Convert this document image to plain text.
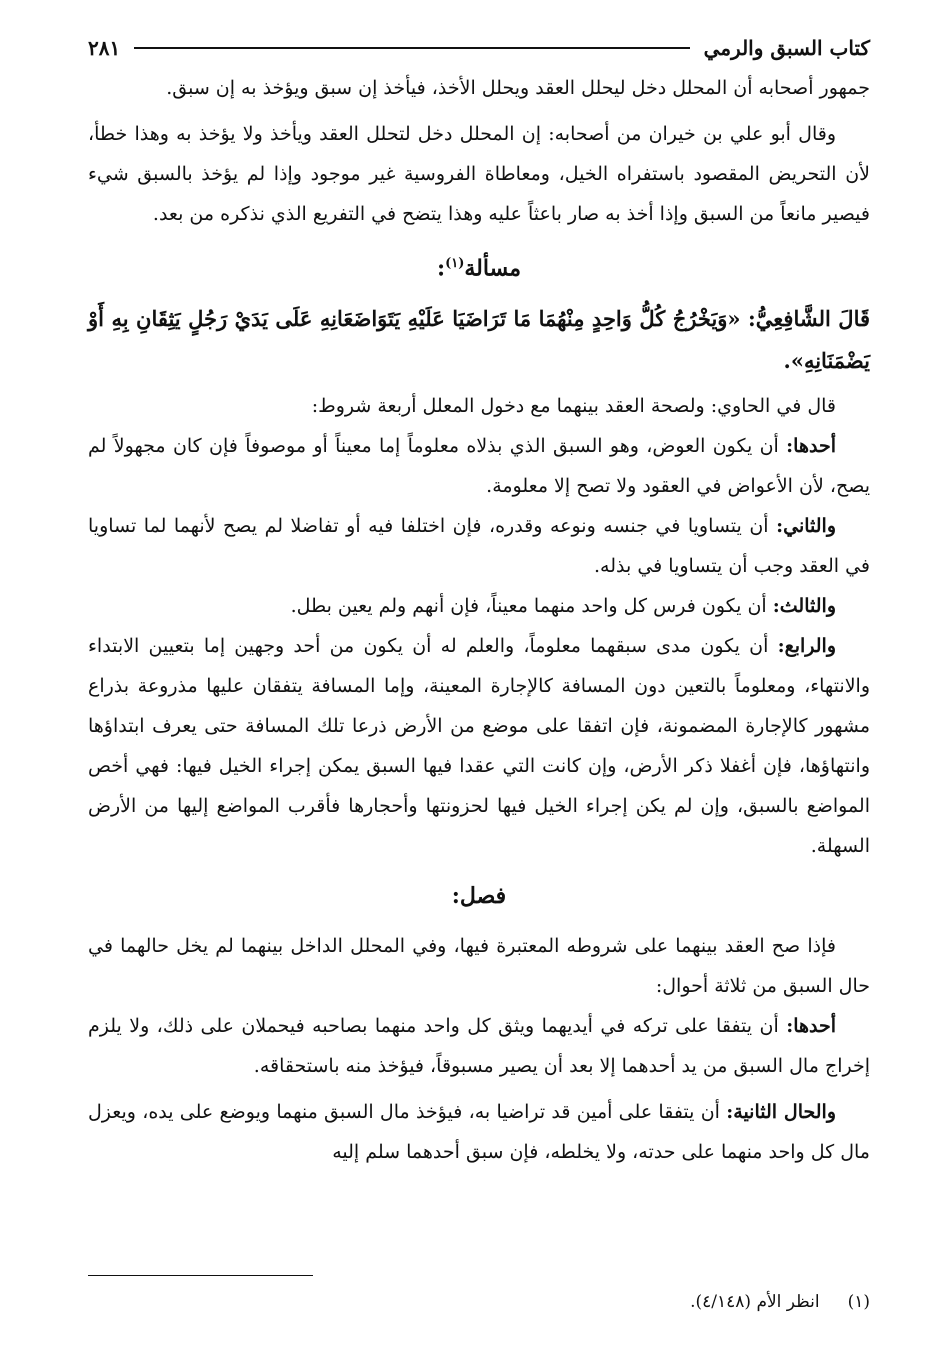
كتاب السبق والرمي
٢٨١

جمهور أصحابه أن المحلل دخل ليحلل العقد ويحلل الأخذ، فيأخذ إن سبق ويؤخذ به إن سبق.

وقال أبو علي بن خيران من أصحابه: إن المحلل دخل لتحلل العقد ويأخذ ولا يؤخذ به وهذا خطأ، لأن التحريض المقصود باستفراه الخيل، ومعاطاة الفروسية غير موجود وإذا لم يؤخذ بالسبق شيء فيصير مانعاً من السبق وإذا أخذ به صار باعثاً عليه وهذا يتضح في التفريع الذي نذكره من بعد.

مسألة$^{(١)}$:

قَالَ الشَّافِعِيُّ: «وَيَخْرُجُ كُلُّ وَاحِدٍ مِنْهُمَا مَا تَرَاضَيَا عَلَيْهِ يَتَوَاضَعَانِهِ عَلَى يَدَيْ رَجُلٍ يَثِقَانِ بِهِ أَوْ يَضْمَنَانِهِ».

قال في الحاوي: ولصحة العقد بينهما مع دخول المعلل أربعة شروط:

أحدها: أن يكون العوض، وهو السبق الذي بذلاه معلوماً إما معيناً أو موصوفاً فإن كان مجهولاً لم يصح، لأن الأعواض في العقود ولا تصح إلا معلومة.

والثاني: أن يتساويا في جنسه ونوعه وقدره، فإن اختلفا فيه أو تفاضلا لم يصح لأنهما لما تساويا في العقد وجب أن يتساويا في بذله.

والثالث: أن يكون فرس كل واحد منهما معيناً، فإن أنهم ولم يعين بطل.

والرابع: أن يكون مدى سبقهما معلوماً، والعلم له أن يكون من أحد وجهين إما بتعيين الابتداء والانتهاء، ومعلوماً بالتعين دون المسافة كالإجارة المعينة، وإما المسافة يتفقان عليها مذروعة بذراع مشهور كالإجارة المضمونة، فإن اتفقا على موضع من الأرض ذرعا تلك المسافة حتى يعرف ابتداؤها وانتهاؤها، فإن أغفلا ذكر الأرض، وإن كانت التي عقدا فيها السبق يمكن إجراء الخيل فيها: فهي أخص المواضع بالسبق، وإن لم يكن إجراء الخيل فيها لحزونتها وأحجارها فأقرب المواضع إليها من الأرض السهلة.

فصل:

فإذا صح العقد بينهما على شروطه المعتبرة فيها، وفي المحلل الداخل بينهما لم يخل حالهما في حال السبق من ثلاثة أحوال:

أحدها: أن يتفقا على تركه في أيديهما ويثق كل واحد منهما بصاحبه فيحملان على ذلك، ولا يلزم إخراج مال السبق من يد أحدهما إلا بعد أن يصير مسبوقاً، فيؤخذ منه باستحقاقه.

والحال الثانية: أن يتفقا على أمين قد تراضيا به، فيؤخذ مال السبق منهما ويوضع على يده، ويعزل مال كل واحد منهما على حدته، ولا يخلطه، فإن سبق أحدهما سلم إليه

(١)انظر الأم (٤/١٤٨).
